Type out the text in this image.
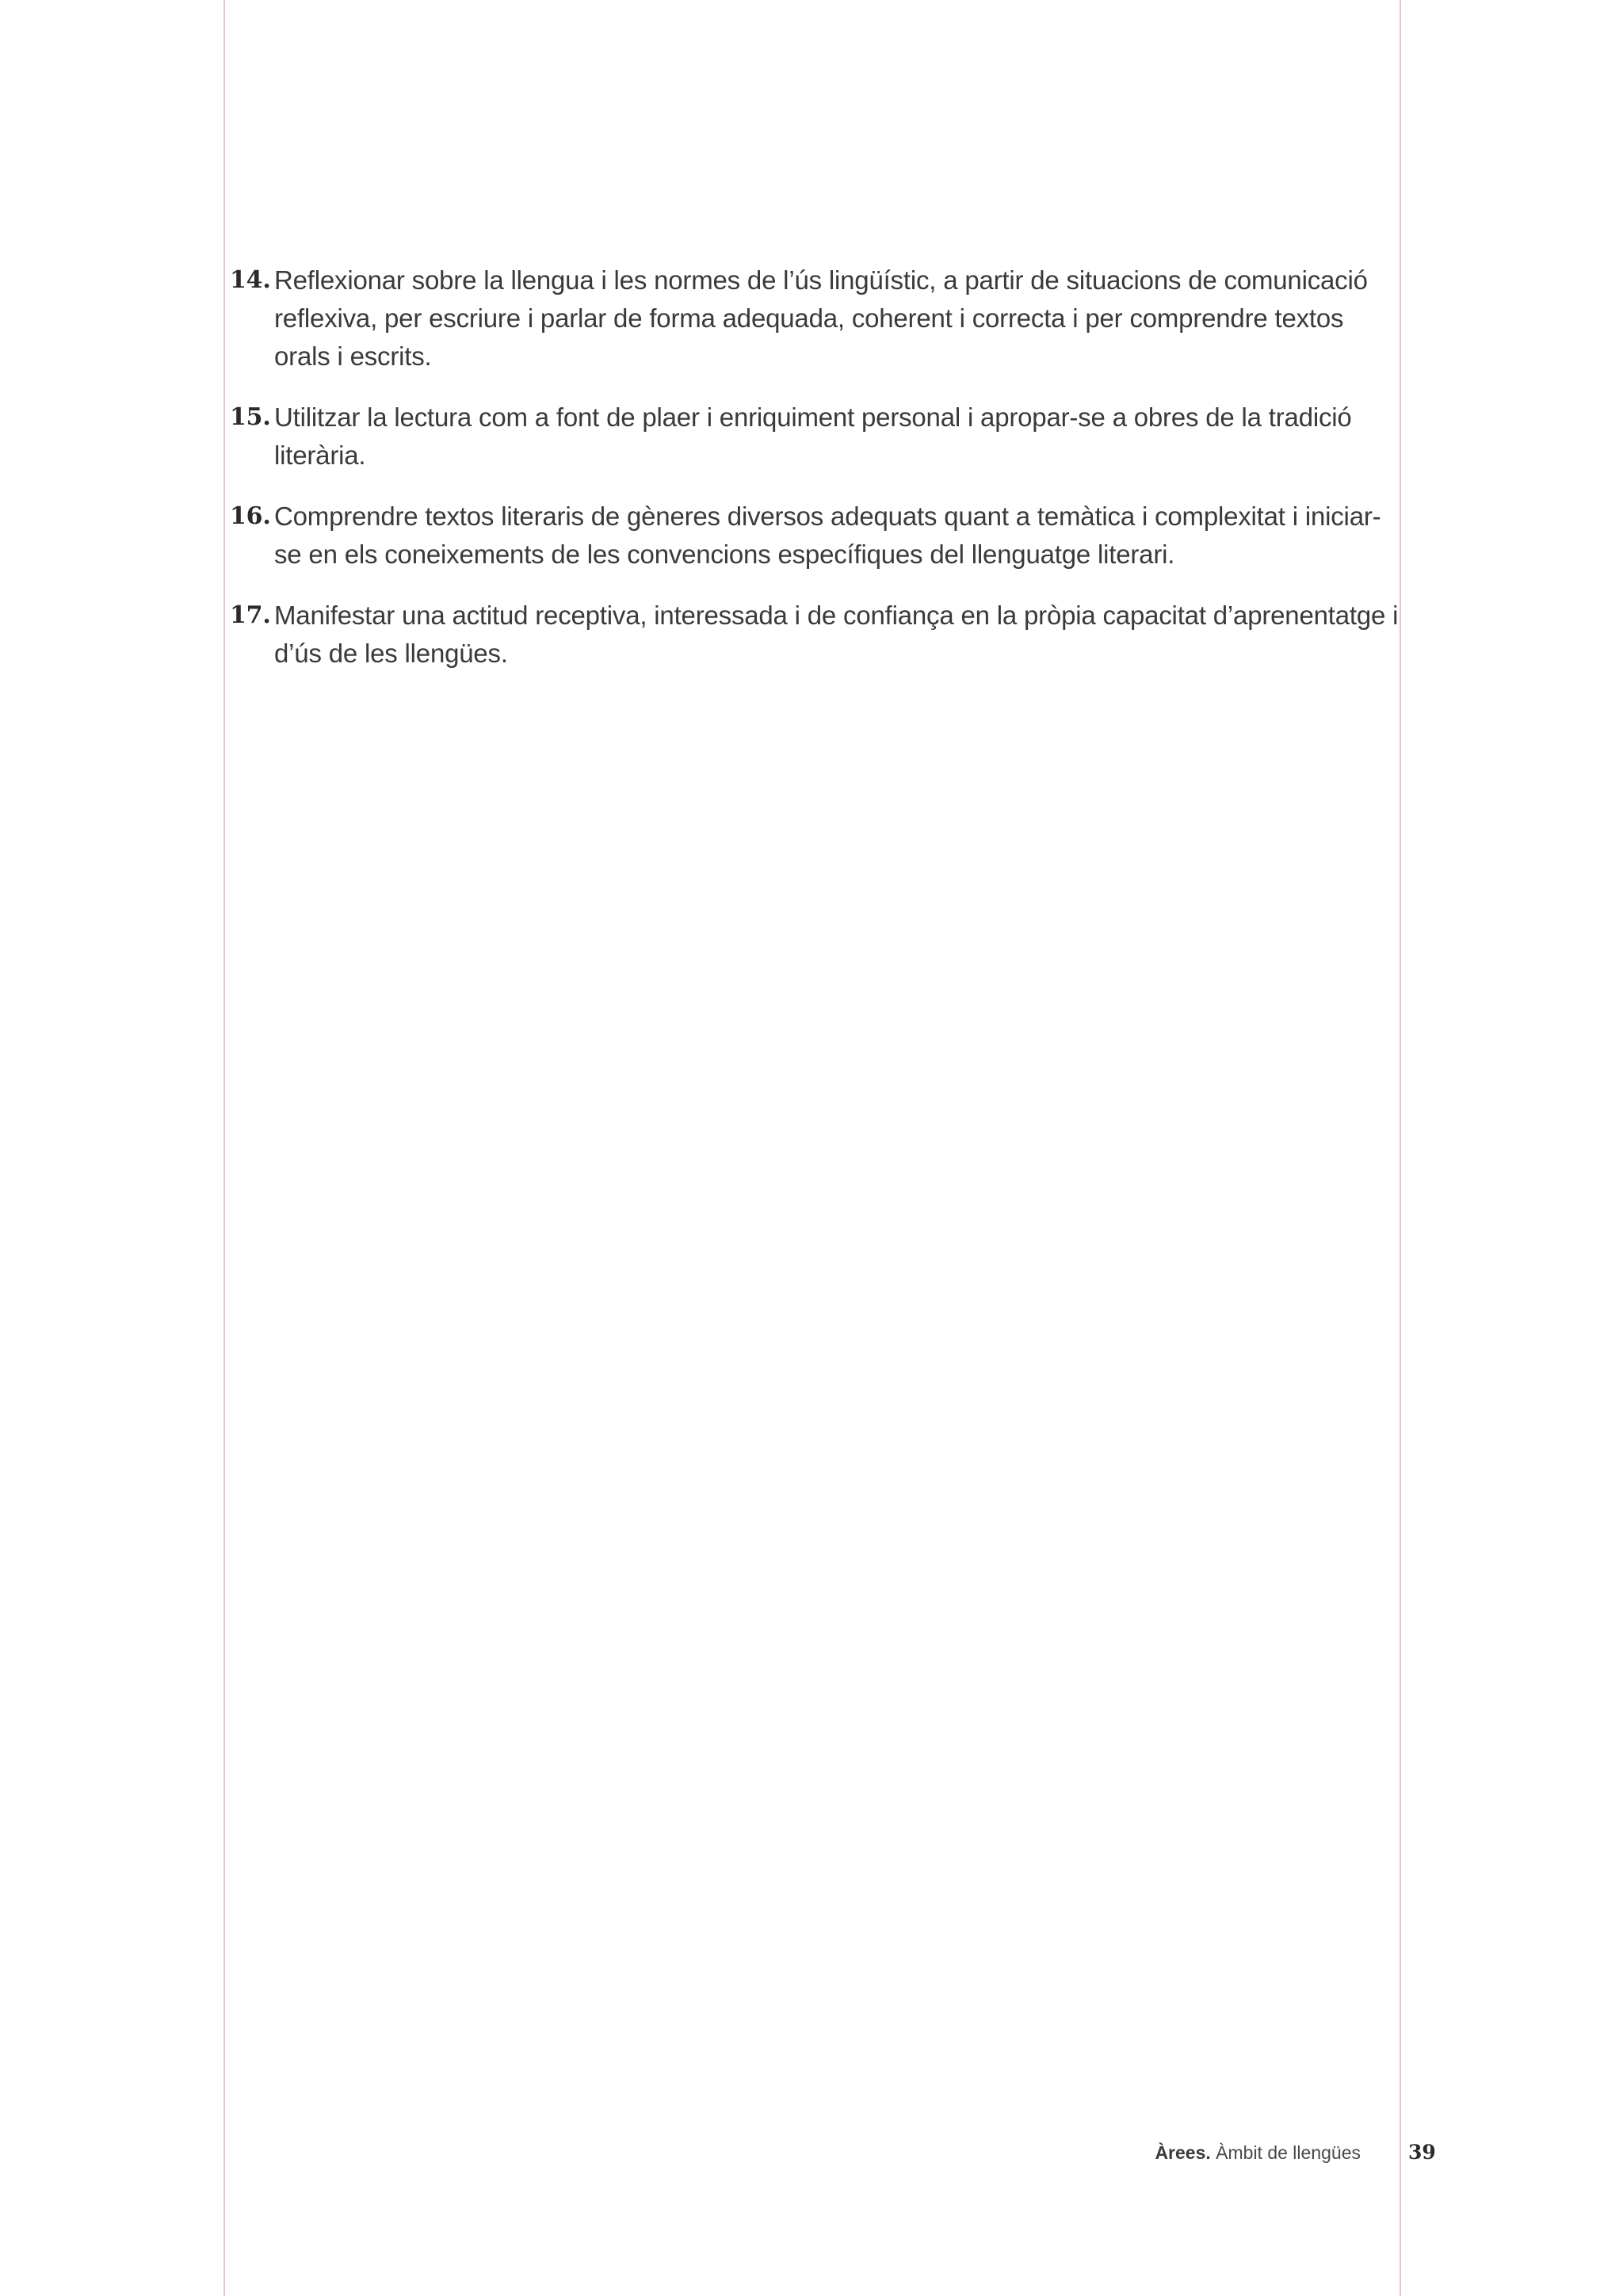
14. Reflexionar sobre la llengua i les normes de l’ús lingüístic, a partir de situacions de comunicació reflexiva, per escriure i parlar de forma adequada, coherent i correcta i per comprendre textos orals i escrits.
15. Utilitzar la lectura com a font de plaer i enriquiment personal i apropar-se a obres de la tradició literària.
16. Comprendre textos literaris de gèneres diversos adequats quant a temàtica i complexitat i iniciar-se en els coneixements de les convencions específiques del llenguatge literari.
17. Manifestar una actitud receptiva, interessada i de confiança en la pròpia capacitat d’aprenentatge i d’ús de les llengües.
Àrees. Àmbit de llengües 39
